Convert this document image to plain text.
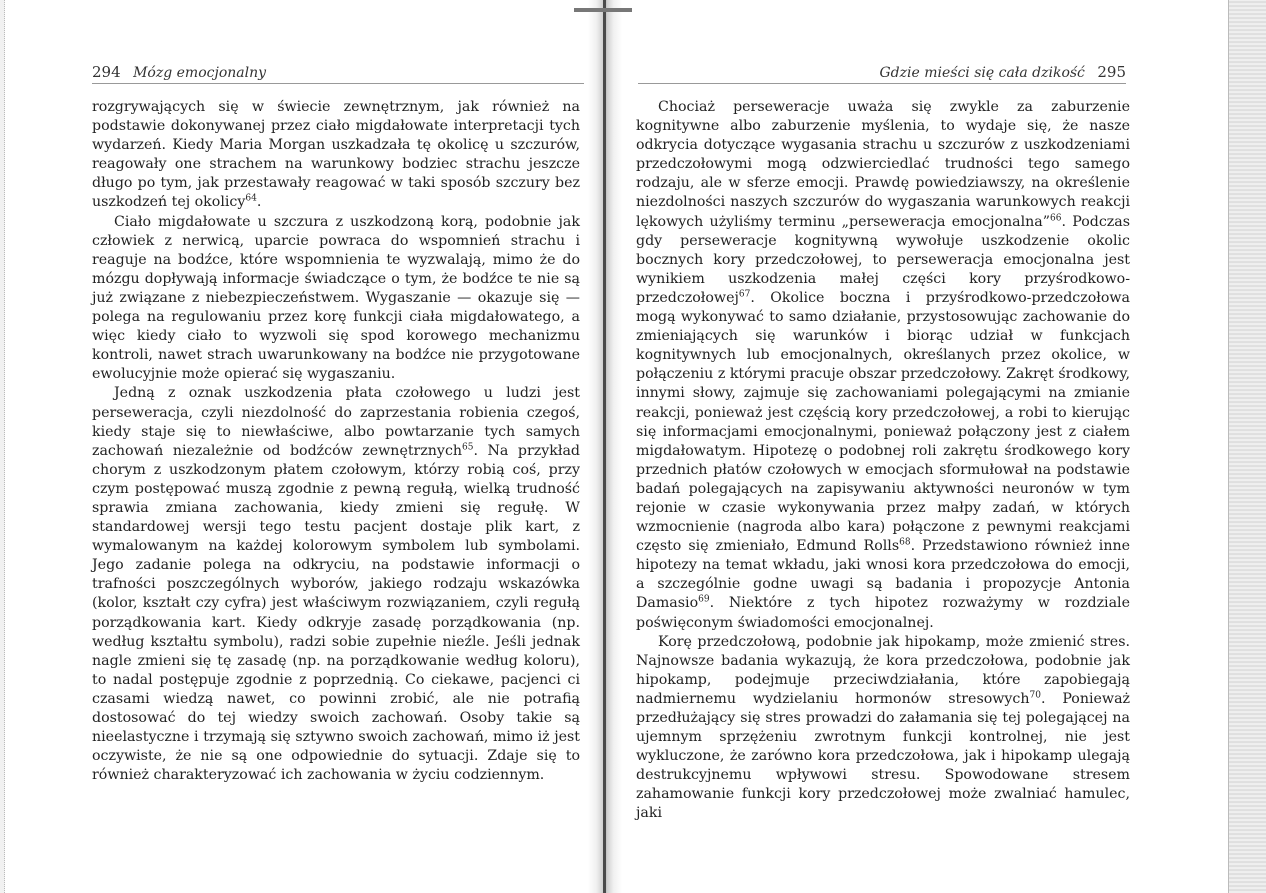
294 Mózg emocjonalny

rozgrywających się w świecie zewnętrznym, jak również na podstawie dokonywanej przez ciało migdałowate interpretacji tych wydarzeń. Kiedy Maria Morgan uszkadzała tę okolicę u szczurów, reagowały one strachem na warunkowy bodziec strachu jeszcze długo po tym, jak przestawały reagować w taki sposób szczury bez uszkodzeń tej okolicy$^{64}$.

Ciało migdałowate u szczura z uszkodzoną korą, podobnie jak człowiek z nerwicą, uparcie powraca do wspomnień strachu i reaguje na bodźce, które wspomnienia te wyzwalają, mimo że do mózgu dopływają informacje świadczące o tym, że bodźce te nie są już związane z niebezpieczeństwem. Wygaszanie — okazuje się — polega na regulowaniu przez korę funkcji ciała migdałowatego, a więc kiedy ciało to wyzwoli się spod korowego mechanizmu kontroli, nawet strach uwarunkowany na bodźce nie przygotowane ewolucyjnie może opierać się wygaszaniu.

Jedną z oznak uszkodzenia płata czołowego u ludzi jest perseweracja, czyli niezdolność do zaprzestania robienia czegoś, kiedy staje się to niewłaściwe, albo powtarzanie tych samych zachowań niezależnie od bodźców zewnętrznych$^{65}$. Na przykład chorym z uszkodzonym płatem czołowym, którzy robią coś, przy czym postępować muszą zgodnie z pewną regułą, wielką trudność sprawia zmiana zachowania, kiedy zmieni się regułę. W standardowej wersji tego testu pacjent dostaje plik kart, z wymalowanym na każdej kolorowym symbolem lub symbolami. Jego zadanie polega na odkryciu, na podstawie informacji o trafności poszczególnych wyborów, jakiego rodzaju wskazówka (kolor, kształt czy cyfra) jest właściwym rozwiązaniem, czyli regułą porządkowania kart. Kiedy odkryje zasadę porządkowania (np. według kształtu symbolu), radzi sobie zupełnie nieźle. Jeśli jednak nagle zmieni się tę zasadę (np. na porządkowanie według koloru), to nadal postępuje zgodnie z poprzednią. Co ciekawe, pacjenci ci czasami wiedzą nawet, co powinni zrobić, ale nie potrafią dostosować do tej wiedzy swoich zachowań. Osoby takie są nieelastyczne i trzymają się sztywno swoich zachowań, mimo iż jest oczywiste, że nie są one odpowiednie do sytuacji. Zdaje się to również charakteryzować ich zachowania w życiu codziennym.

Gdzie mieści się cała dzikość 295

Chociaż perseweracje uważa się zwykle za zaburzenie kognitywne albo zaburzenie myślenia, to wydaje się, że nasze odkrycia dotyczące wygasania strachu u szczurów z uszkodzeniami przedczołowymi mogą odzwierciedlać trudności tego samego rodzaju, ale w sferze emocji. Prawdę powiedziawszy, na określenie niezdolności naszych szczurów do wygaszania warunkowych reakcji lękowych użyliśmy terminu „perseweracja emocjonalna”$^{66}$. Podczas gdy perseweracje kognitywną wywołuje uszkodzenie okolic bocznych kory przedczołowej, to perseweracja emocjonalna jest wynikiem uszkodzenia małej części kory przyśrodkowo-przedczołowej$^{67}$. Okolice boczna i przyśrodkowo-przedczołowa mogą wykonywać to samo działanie, przystosowując zachowanie do zmieniających się warunków i biorąc udział w funkcjach kognitywnych lub emocjonalnych, określanych przez okolice, w połączeniu z którymi pracuje obszar przedczołowy. Zakręt środkowy, innymi słowy, zajmuje się zachowaniami polegającymi na zmianie reakcji, ponieważ jest częścią kory przedczołowej, a robi to kierując się informacjami emocjonalnymi, ponieważ połączony jest z ciałem migdałowatym. Hipotezę o podobnej roli zakrętu środkowego kory przednich płatów czołowych w emocjach sformułował na podstawie badań polegających na zapisywaniu aktywności neuronów w tym rejonie w czasie wykonywania przez małpy zadań, w których wzmocnienie (nagroda albo kara) połączone z pewnymi reakcjami często się zmieniało, Edmund Rolls$^{68}$. Przedstawiono również inne hipotezy na temat wkładu, jaki wnosi kora przedczołowa do emocji, a szczególnie godne uwagi są badania i propozycje Antonia Damasio$^{69}$. Niektóre z tych hipotez rozważymy w rozdziale poświęconym świadomości emocjonalnej.

Korę przedczołową, podobnie jak hipokamp, może zmienić stres. Najnowsze badania wykazują, że kora przedczołowa, podobnie jak hipokamp, podejmuje przeciwdziałania, które zapobiegają nadmiernemu wydzielaniu hormonów stresowych$^{70}$. Ponieważ przedłużający się stres prowadzi do załamania się tej polegającej na ujemnym sprzężeniu zwrotnym funkcji kontrolnej, nie jest wykluczone, że zarówno kora przedczołowa, jak i hipokamp ulegają destrukcyjnemu wpływowi stresu. Spowodowane stresem zahamowanie funkcji kory przedczołowej może zwalniać hamulec, jaki
